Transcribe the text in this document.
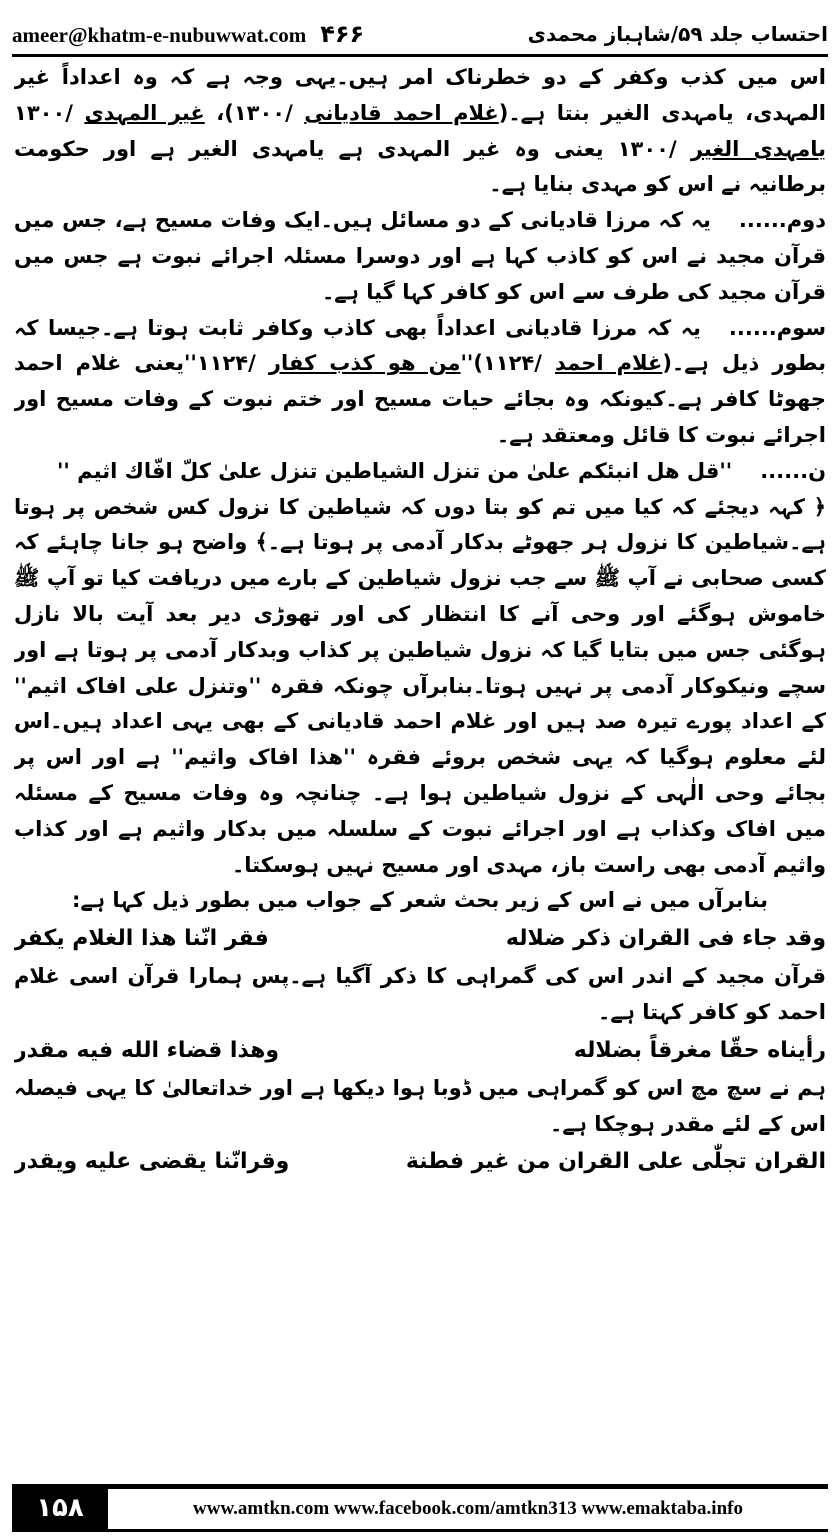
ameer@khatm-e-nubuwwat.com ۴۶۶	احتساب جلد ۵۹/شاہباز محمدی

اس میں کذب وکفر کے دو خطرناک امر ہیں۔یہی وجہ ہے کہ وہ اعداداً غیر المہدی، یامہدی الغیر بنتا ہے۔(غلام احمد قادیانی /۱۳۰۰)، غیر المہدی /۱۳۰۰ یامہدی الغیر /۱۳۰۰ یعنی وہ غیر المہدی ہے یامہدی الغیر ہے اور حکومت برطانیہ نے اس کو مہدی بنایا ہے۔

دوم......یہ کہ مرزا قادیانی کے دو مسائل ہیں۔ایک وفات مسیح ہے، جس میں قرآن مجید نے اس کو کاذب کہا ہے اور دوسرا مسئلہ اجرائے نبوت ہے جس میں قرآن مجید کی طرف سے اس کو کافر کہا گیا ہے۔

سوم......یہ کہ مرزا قادیانی اعداداً بھی کاذب وکافر ثابت ہوتا ہے۔جیسا کہ بطور ذیل ہے۔(غلام احمد /۱۱۲۴)''من هو كذب كفار /۱۱۲۴''یعنی غلام احمد جھوٹا کافر ہے۔کیونکہ وہ بجائے حیات مسیح اور ختم نبوت کے وفات مسیح اور اجرائے نبوت کا قائل ومعتقد ہے۔

ن......''قل هل انبئكم علىٰ من تنزل الشياطين تنزل علىٰ كلّ افّاك اثيم ''

﴿ کہہ دیجئے کہ کیا میں تم کو بتا دوں کہ شیاطین کا نزول کس شخص پر ہوتا ہے۔شیاطین کا نزول ہر جھوٹے بدکار آدمی پر ہوتا ہے۔﴾ واضح ہو جانا چاہئے کہ کسی صحابی نے آپ ﷺ سے جب نزول شیاطین کے بارے میں دریافت کیا تو آپ ﷺ خاموش ہوگئے اور وحی آنے کا انتظار کی اور تھوڑی دیر بعد آیت بالا نازل ہوگئی جس میں بتایا گیا کہ نزول شیاطین پر کذاب وبدکار آدمی پر ہوتا ہے اور سچے ونیکوکار آدمی پر نہیں ہوتا۔بنابرآں چونکہ فقرہ ''وتنزل علی افاک اثیم'' کے اعداد پورے تیرہ صد ہیں اور غلام احمد قادیانی کے بھی یہی اعداد ہیں۔اس لئے معلوم ہوگیا کہ یہی شخص بروئے فقرہ ''هذا افاک واثیم'' ہے اور اس پر بجائے وحی الٰہی کے نزول شیاطین ہوا ہے۔ چنانچہ وہ وفات مسیح کے مسئلہ میں افاک وکذاب ہے اور اجرائے نبوت کے سلسلہ میں بدکار واثیم ہے اور کذاب واثیم آدمی بھی راست باز، مہدی اور مسیح نہیں ہوسکتا۔

بنابرآں میں نے اس کے زیر بحث شعر کے جواب میں بطور ذیل کہا ہے:

وقد جاء فى القران ذكر ضلاله
فقر انّنا هذا الغلام يكفر

قرآن مجید کے اندر اس کی گمراہی کا ذکر آگیا ہے۔پس ہمارا قرآن اسی غلام احمد کو کافر کہتا ہے۔

رأيناه حقّا مغرقاً بضلاله
وهذا قضاء الله فيه مقدر

ہم نے سچ مچ اس کو گمراہی میں ڈوبا ہوا دیکھا ہے اور خداتعالیٰ کا یہی فیصلہ اس کے لئے مقدر ہوچکا ہے۔

القران تجلّٰى على القران من غير فطنة
وقرانّنا يقضى عليه ويقدر
۱۵۸	www.amtkn.com www.facebook.com/amtkn313 www.emaktaba.info
